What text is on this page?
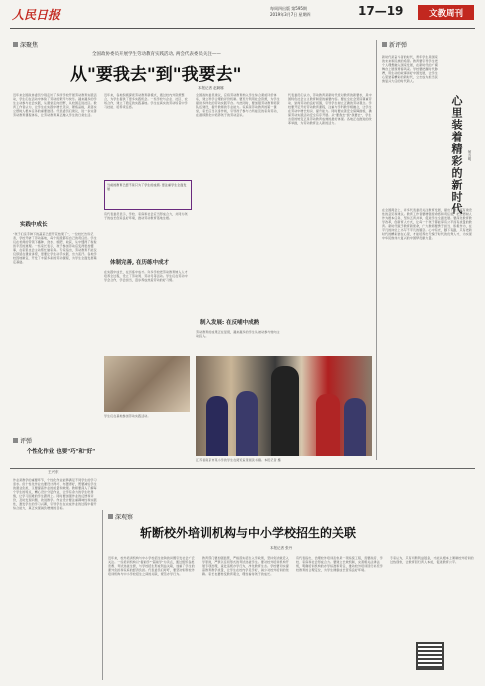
人民日报	每周四出版 第595期
2019年3月7日 星期四	17—19	文教周刊
深聚焦
全国政协委员开展学生劳动教育实践活动, 两会代表委员关注——
从"要我去"到"我要去"
本报记者 赵婀娜
近年来全国政协委员分别走访了多所学校开展劳动教育实践活动，学生们在活动中体验了劳动的艰辛与快乐。越来越多的学生主动参与社会实践，从课堂走向田野，从校园走进社区。教育工作者认为，让学生在实践中增长见识、锤炼品格，是落实立德树人根本任务的重要途径。代表委员们建议，进一步完善劳动教育课程体系，让劳动教育真正融入学生的日常生活。
实践中成长
"孩子们亲手种下的蔬菜已经开花结果了"，一位校长告诉记者，学校开辟了劳动基地，每个班级都有自己的责任田。学生们在老师的带领下播种、浇水、施肥、收获，从中懂得了粒粒皆辛苦的道理。一些家长表示，孩子参加劳动后变得更加懂事，在家里也会主动帮忙做家务。专家指出，劳动教育不能仅仅停留在课堂讲授，更要让学生动手实践、出力流汗。各地学校因地制宜，开发了丰富多彩的劳动课程，为学生全面发展奠定基础。
近年来，各地积极探索劳动教育新模式，通过校内外资源整合，为学生提供了更多实践机会。一些学校与企业、社区、农场合作，建立了稳定的实践基地。学生在真实的劳动场景中学习技能、培养责任感。
当前的教育已经不是只为了学生的成绩, 更注重学生全面发展
有代表委员表示，学校、家庭和社会应当形成合力，共同为孩子的成长创造良好环境，推动劳动教育落地生根。
体制完善, 在历练中成才
在实践中成长，在历练中成才。许多学校把劳动教育纳入人才培养全过程，设立了劳动周、劳动月等活动。学生们在劳动中学会合作，学会担当，逐步养成热爱劳动的好习惯。
全国政协委员建议，应将劳动教育纳入学生综合素质评价体系，建立科学合理的评价机制。要充分利用社会资源，为学生提供多样化的劳动实践平台。与此同时，要加强劳动教育师资队伍建设，提升教师的专业能力。家庭是劳动教育的第一课堂，家长应当以身作则，引导孩子参与力所能及的家务劳动，在潜移默化中培养孩子的劳动意识。
制入发展: 在反哺中成熟
劳动教育的成果正在显现，越来越多的学生从被动参与转向主动投入。
代表委员们认为，劳动教育是新时代党对教育的新要求，是中国特色社会主义教育制度的重要内容。要在全社会营造尊重劳动、崇尚劳动的良好氛围，引导学生树立正确的劳动观念。学校要开足开好劳动教育课程，注重与学科教学相融合，让学生在劳动中增长知识、提升能力。同时要完善安全保障措施，确保劳动实践活动安全有序开展。从"要我去"到"我要去"，学生态度的转变正是劳动教育成效的最好体现。各地正在推进的改革举措，为劳动教育注入新的活力。
学生们在基地参加劳动实践活动。
江苏省南京市某小学的学生在阅览室里阅读书籍。本报记者 摄
新评弹
新时代是奋斗者的时代，青年学生是国家的未来和民族的希望。教育要引导学生把个人理想融入国家发展，在新时代的广阔舞台上展现青春风采。学校要把握时代脉搏，用生动的故事讲好中国发展，让学生心里装着精彩的新时代，立志成为担当民族复兴大任的时代新人。
心里装着精彩的新时代 何方明
在全国两会上，许多代表委员关注教育发展，提出了很多富有建设性的意见和建议。教育工作者要增强使命感和责任感，把立德树人作为根本任务，坚持五育并举，促进学生全面发展。要深化教育教学改革，创新育人方式，让每一个孩子都能享有公平而有质量的教育。新时代赋予教育新使命，广大教师要勇于担当、积极作为，在平凡的岗位上书写不平凡的篇章。心中有光，脚下有路，只有把新时代的精彩装在心里，才能培养出无愧于时代的优秀人才，为实现中华民族伟大复兴的中国梦贡献力量。
评弹
个性化作业 也要"巧"和"好"
王兴东
作业是教学的重要环节，个性化作业能够满足不同学生的学习需求。但个性化作业也要设计得巧、布置得好，既要减轻学生的课业负担，又要提高作业的质量和效果。教师要深入了解每个学生的特点，精心设计分层作业，让学有余力的学生吃得饱，让学习困难的学生跟得上。同时要加强作业的反馈和评价，及时发现问题、改进教学。作业设计要注重趣味性和实践性，激发学生的学习兴趣，引导学生在完成作业的过程中提升综合能力，真正实现减负增效的目标。
深观察
斩断校外培训机构与中小学校招生的关联
本报记者 张丹
近年来，校外培训机构与中小学校招生挂钩的问题引发社会广泛关注。一些培训机构以"提前学""超前学"为卖点，通过组织各类竞赛、考试选拔生源，与学校招生形成利益关联，加重了学生的课外负担和家庭的经济负担。代表委员们呼吁，要坚决斩断校外培训机构与中小学校招生之间的关联，规范办学行为。
教育部门要加强监管，严格落实招生入学政策，坚持免试就近入学原则，严禁以任何形式的考试选拔学生。要对校外培训机构开展专项治理，查处违规办学行为，净化教育生态。学校要切实提高教育教学质量，让学生在校内学足学好，减少对校外培训的依赖。家长也要转变教育观念，理性看待孩子的成长。
有代表指出，治理校外培训乱象是一项系统工程，需要政府、学校、家庭和社会形成合力。要建立长效机制，完善相关法律法规，明确培训机构的办学标准和责任，推动校外培训回归补充学校教育的合理定位，为学生健康成长营造良好环境。
专家认为，只有切断利益链条，才能从根本上遏制校外培训的过热现象，让教育回归育人本质，促进教育公平。
